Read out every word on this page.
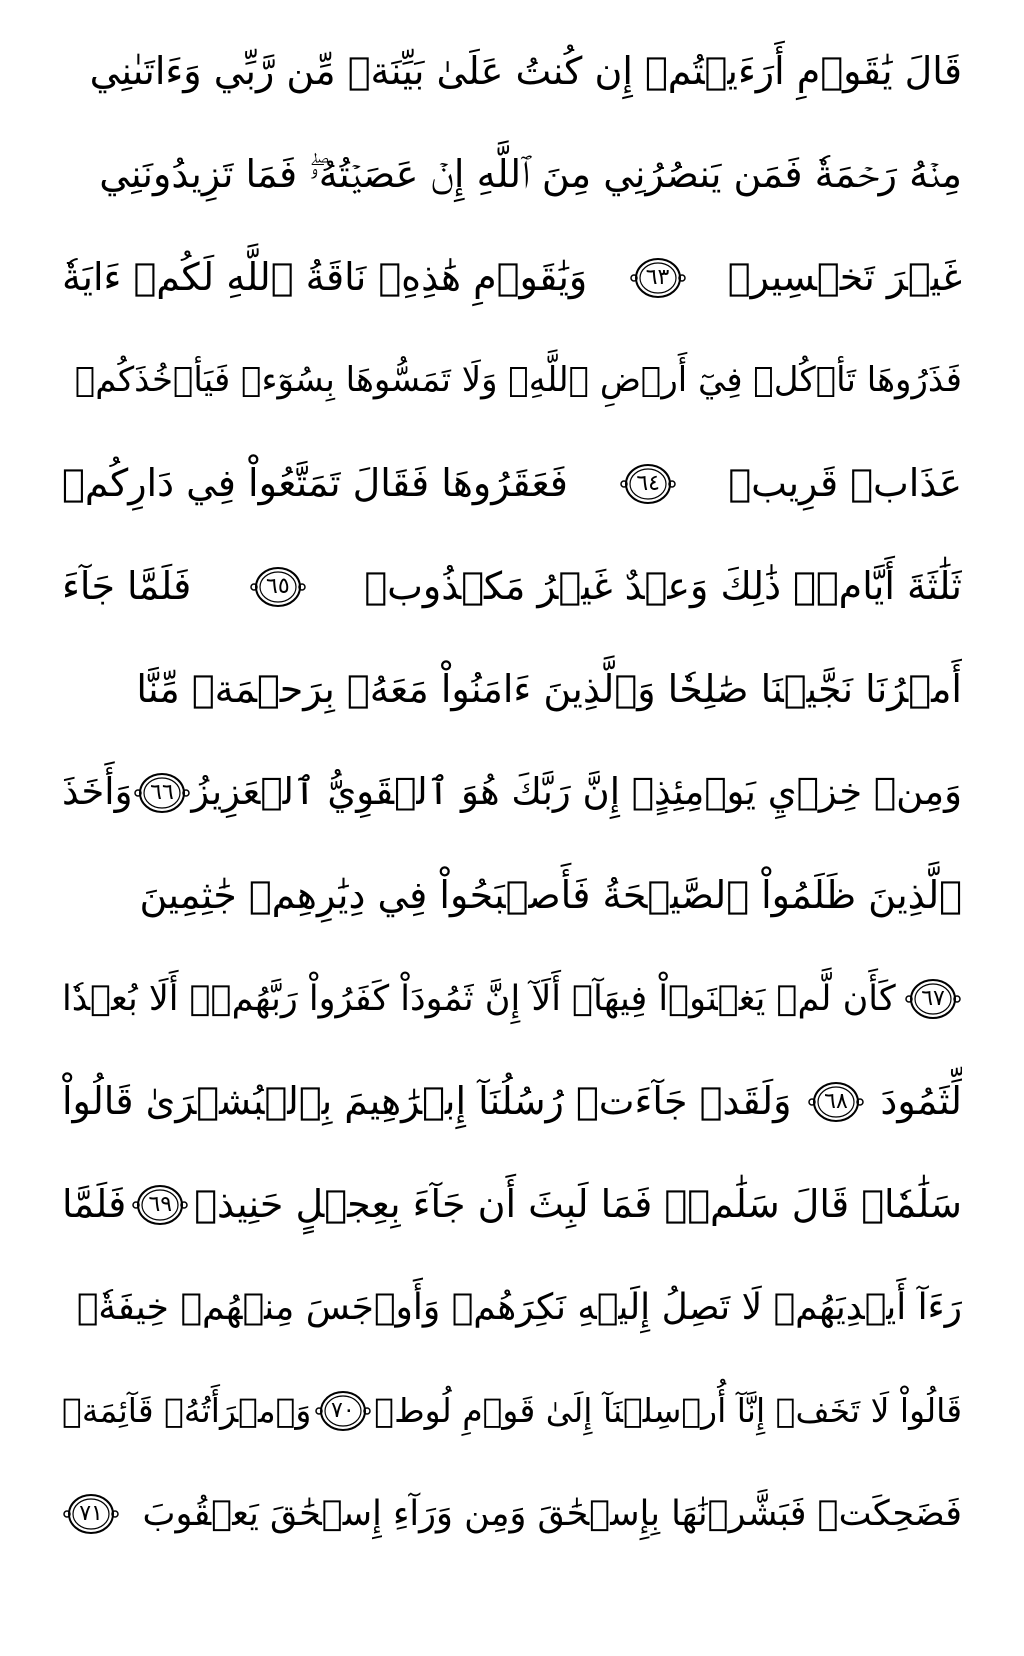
قَالَ يَٰقَوۡمِ أَرَءَيۡتُمۡ إِن كُنتُ عَلَىٰ بَيِّنَةٖ مِّن رَّبِّي وَءَاتَىٰنِي
مِنۡهُ رَحۡمَةٗ فَمَن يَنصُرُنِي مِنَ ٱللَّهِ إِنۡ عَصَيۡتُهُۥۖ فَمَا تَزِيدُونَنِي
غَيۡرَ تَخۡسِيرٖ
٦٣
وَيَٰقَوۡمِ هَٰذِهِۦ نَاقَةُ ٱللَّهِ لَكُمۡ ءَايَةٗ
فَذَرُوهَا تَأۡكُلۡ فِيٓ أَرۡضِ ٱللَّهِۖ وَلَا تَمَسُّوهَا بِسُوٓءٖ فَيَأۡخُذَكُمۡ
عَذَابٞ قَرِيبٞ
٦٤
فَعَقَرُوهَا فَقَالَ تَمَتَّعُواْ فِي دَارِكُمۡ
ثَلَٰثَةَ أَيَّامٖۖ ذَٰلِكَ وَعۡدٌ غَيۡرُ مَكۡذُوبٖ
٦٥
فَلَمَّا جَآءَ
أَمۡرُنَا نَجَّيۡنَا صَٰلِحٗا وَٱلَّذِينَ ءَامَنُواْ مَعَهُۥ بِرَحۡمَةٖ مِّنَّا
وَمِنۡ خِزۡيِ يَوۡمِئِذٍۚ إِنَّ رَبَّكَ هُوَ ٱلۡقَوِيُّ ٱلۡعَزِيزُ
٦٦
وَأَخَذَ
ٱلَّذِينَ ظَلَمُواْ ٱلصَّيۡحَةُ فَأَصۡبَحُواْ فِي دِيَٰرِهِمۡ جَٰثِمِينَ
٦٧
كَأَن لَّمۡ يَغۡنَوۡاْ فِيهَآۗ أَلَآ إِنَّ ثَمُودَاْ كَفَرُواْ رَبَّهُمۡۗ أَلَا بُعۡدٗا
لِّثَمُودَ
٦٨
وَلَقَدۡ جَآءَتۡ رُسُلُنَآ إِبۡرَٰهِيمَ بِٱلۡبُشۡرَىٰ قَالُواْ
سَلَٰمٗاۖ قَالَ سَلَٰمٞۖ فَمَا لَبِثَ أَن جَآءَ بِعِجۡلٍ حَنِيذٖ
٦٩
فَلَمَّا
رَءَآ أَيۡدِيَهُمۡ لَا تَصِلُ إِلَيۡهِ نَكِرَهُمۡ وَأَوۡجَسَ مِنۡهُمۡ خِيفَةٗۚ
قَالُواْ لَا تَخَفۡ إِنَّآ أُرۡسِلۡنَآ إِلَىٰ قَوۡمِ لُوطٖ
٧٠
وَٱمۡرَأَتُهُۥ قَآئِمَةٞ
فَضَحِكَتۡ فَبَشَّرۡنَٰهَا بِإِسۡحَٰقَ وَمِن وَرَآءِ إِسۡحَٰقَ يَعۡقُوبَ
٧١
